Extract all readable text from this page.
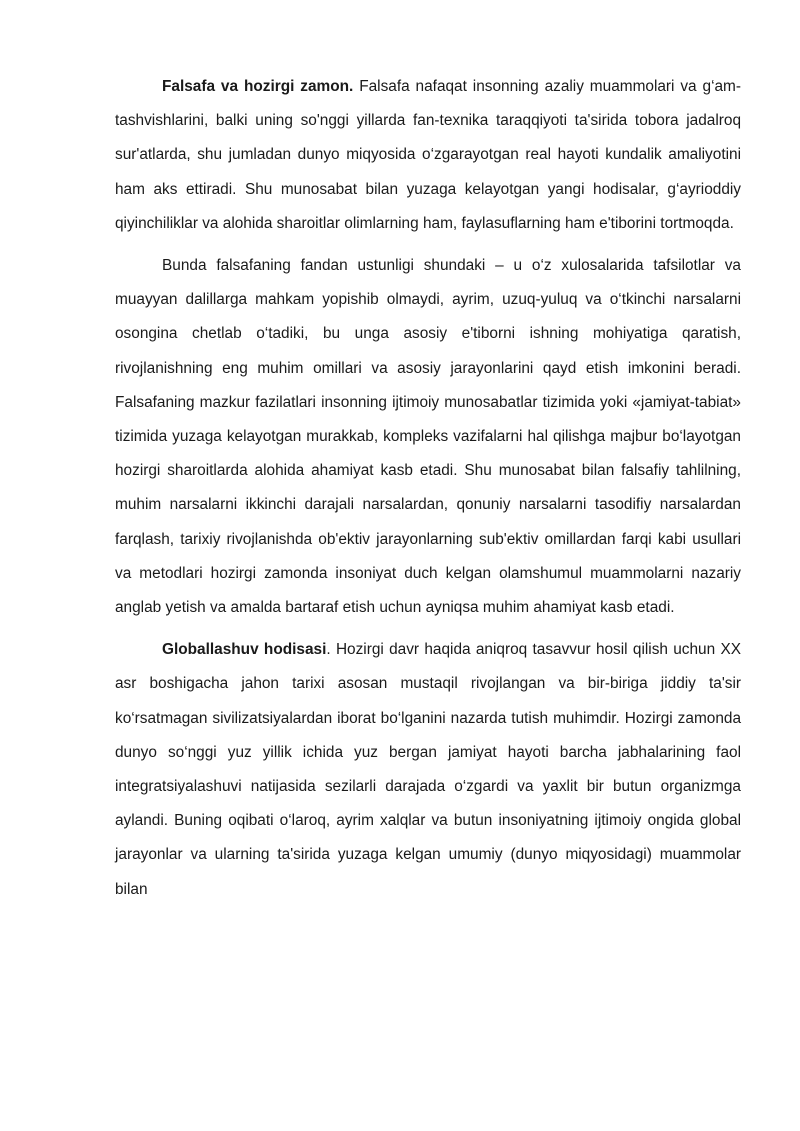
Falsafa va hozirgi zamon. Falsafa nafaqat insonning azaliy muammolari va g‘am-tashvishlarini, balki uning so'nggi yillarda fan-texnika taraqqiyoti ta'sirida tobora jadalroq sur'atlarda, shu jumladan dunyo miqyosida o‘zgarayotgan real hayoti kundalik amaliyotini ham aks ettiradi. Shu munosabat bilan yuzaga kelayotgan yangi hodisalar, g‘ayrioddiy qiyinchiliklar va alohida sharoitlar olimlarning ham, faylasuflarning ham e'tiborini tortmoqda.

Bunda falsafaning fandan ustunligi shundaki – u o‘z xulosalarida tafsilotlar va muayyan dalillarga mahkam yopishib olmaydi, ayrim, uzuq-yuluq va o‘tkinchi narsalarni osongina chetlab o‘tadiki, bu unga asosiy e'tiborni ishning mohiyatiga qaratish, rivojlanishning eng muhim omillari va asosiy jarayonlarini qayd etish imkonini beradi. Falsafaning mazkur fazilatlari insonning ijtimoiy munosabatlar tizimida yoki «jamiyat-tabiat» tizimida yuzaga kelayotgan murakkab, kompleks vazifalarni hal qilishga majbur bo‘layotgan hozirgi sharoitlarda alohida ahamiyat kasb etadi. Shu munosabat bilan falsafiy tahlilning, muhim narsalarni ikkinchi darajali narsalardan, qonuniy narsalarni tasodifiy narsalardan farqlash, tarixiy rivojlanishda ob'ektiv jarayonlarning sub'ektiv omillardan farqi kabi usullari va metodlari hozirgi zamonda insoniyat duch kelgan olamshumul muammolarni nazariy anglab yetish va amalda bartaraf etish uchun ayniqsa muhim ahamiyat kasb etadi.

Globallashuv hodisasi. Hozirgi davr haqida aniqroq tasavvur hosil qilish uchun XX asr boshigacha jahon tarixi asosan mustaqil rivojlangan va bir-biriga jiddiy ta'sir ko‘rsatmagan sivilizatsiyalardan iborat bo‘lganini nazarda tutish muhimdir. Hozirgi zamonda dunyo so‘nggi yuz yillik ichida yuz bergan jamiyat hayoti barcha jabhalarining faol integratsiyalashuvi natijasida sezilarli darajada o‘zgardi va yaxlit bir butun organizmga aylandi. Buning oqibati o‘laroq, ayrim xalqlar va butun insoniyatning ijtimoiy ongida global jarayonlar va ularning ta'sirida yuzaga kelgan umumiy (dunyo miqyosidagi) muammolar bilan
